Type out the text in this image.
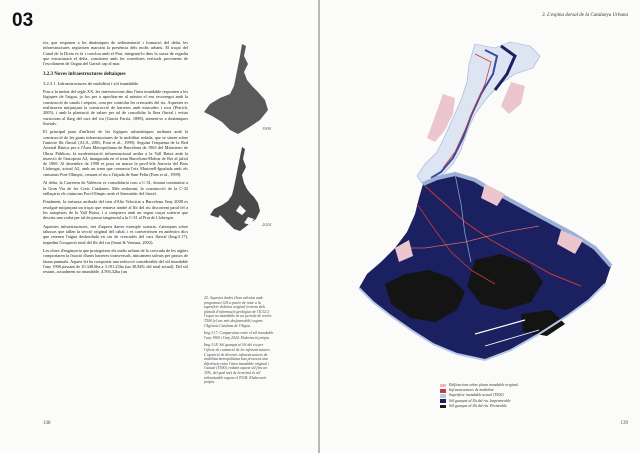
03

riu, que responen a les dinàmiques de sedimentació i formació del delta, les infraestructures segueixen marcant la presència dels molts urbans. El traçat del Canal de la Dreta es fa i conclou amb el Prat, integrant-lo dins la xarxa de regadiu que estructurarà el delta, consistent amb les corredores verticals provinents de l'escolament de l'aigua del Garraf cap al mar.

3.2.3 Noves infraestructures deltaiques
3.2.3.1. Infraestructures de mobilitat i sòl inundable

Fins a la meitat del segle XX, les intervencions dins l'àrea inundable responien a les lògiques de l'aigua, ja fos per a aprofitar-ne al màxim el seu recorregut amb la construcció de canals i sèquies, com per controlar les crescudes del riu. Aquestes es realitzaven mitjançant la construcció de barreres amb estacades i roca (Petrich, 2005), i amb la plantació de salzes per tal de consolidar la llera fluvial i evitar variacions al llarg del curs del riu (García Farria, 1898), atenent-se a dinàmiques fluvials.

El principal punt d'inflexió de les lògiques urbanístiques arribaria amb la construcció de les grans infraestructures de la mobilitat rodada, que se situen sobre l'antecte llit fluvial (ACA, 2001; Font et al., 1999). Seguint l'esquema de la Red Arterial Básica per a l'Àrea Metropolitana de Barcelona de 1963 del Ministerio de Obras Públicas, la modernització infraestructural arriba a la Vall Baixa amb la inserció de l'autopista A2, inaugurada en el tram Barcelona-Molins de Rei al juliol de 1969. Al desembre de 1998 es posa en marxa la pavil·lela Autovia del Baix Llobregat, actual A2, amb un tram que connecta l'eix Martorell-Igualada amb els cinturons Port-Olímpic, creuant el riu a l'alçada de Sant Feliu (Font et al., 1999).

Al delta, la Carretera de València es consolidaria com a C-31, donant continuïtat a la Gran Via de les Corts Catalanes. Més endavant, la construcció de la C-32 enllaçaria els cinturons Port-Olímpic amb el Sistemàtic del litoral.

Finalment, la tortuosa arribada del tren d'Alta Velocitat a Barcelona l'any 2008 es resolgué mitjançant un traçat que entrava tambè al llit del riu discorrent paral·lel a les autopistes de la Vall Baixa, i a compteva amb un segon traçat soterrat que descriu una corba per tal de passar tangencial a la C-31 al Prat de Llobregat.

Aquestes infraestructures, tret d'aquest darrer exemple soterrat, s'aixequen sobre talussos que tallen la secció original del cabal, i es converteixen en autèntics dics que retenen l'aigua desbordada en cas de crescudes del curs fluvial (Img.3.17), impedint l'ocupació total del llit del riu (Saurí & Ventura, 2002).

Les obres d'enginyeria que protegeixen els molts urbans de la crescuda de les aigües comportaren la fixació d'unes barreres transversals, únicament salvats per passos de fauna puntuals. Aquest fet ha comportat una reducció considerable del sòl inundable l'any 1900 passant de 10.348,6ha a 3.191,23ha (un 30,84% del total actual). Del sòl restant, actualment no inundable, 4.594,32ha (un

1900
2024
138
3. L'espina dorsal de la Catalunya Urbana
139

25. Aquestes dades s'han calculat amb programari GIS a partir de retar a la superfície deltaica original (extreta dels plànols d'informació geològica de l'ICGC) l'espai no inundable en un període de retorn T500 (el cas més desfavorable) segons l'Agència Catalana de l'Aigua.

Img.3.17. Comparativa entre el sòl inundable l'any 1900 i l'any 2024. Elaboració pròpia.

Img.3.18. Sòl guanyat al llit del riu per l'efecte de contenció de les infraestructures. L'aparició de diverses infraestructures de mobilitat metropolitana han provocat una diferència entre l'àrea inundable original i l'actual (T500), reduint aquest sòl fins un 35%, del qual més de la meitat és sòl urbanitzable segons el PGM. Elaboració pròpia.

Edificacions sobre plana inundable original
Infraestructures de mobilitat
Superfície inundable actual (T500)
Sòl guanyat al llit del riu. Impermeable
Sòl guanyat al llit del riu. Permeable
